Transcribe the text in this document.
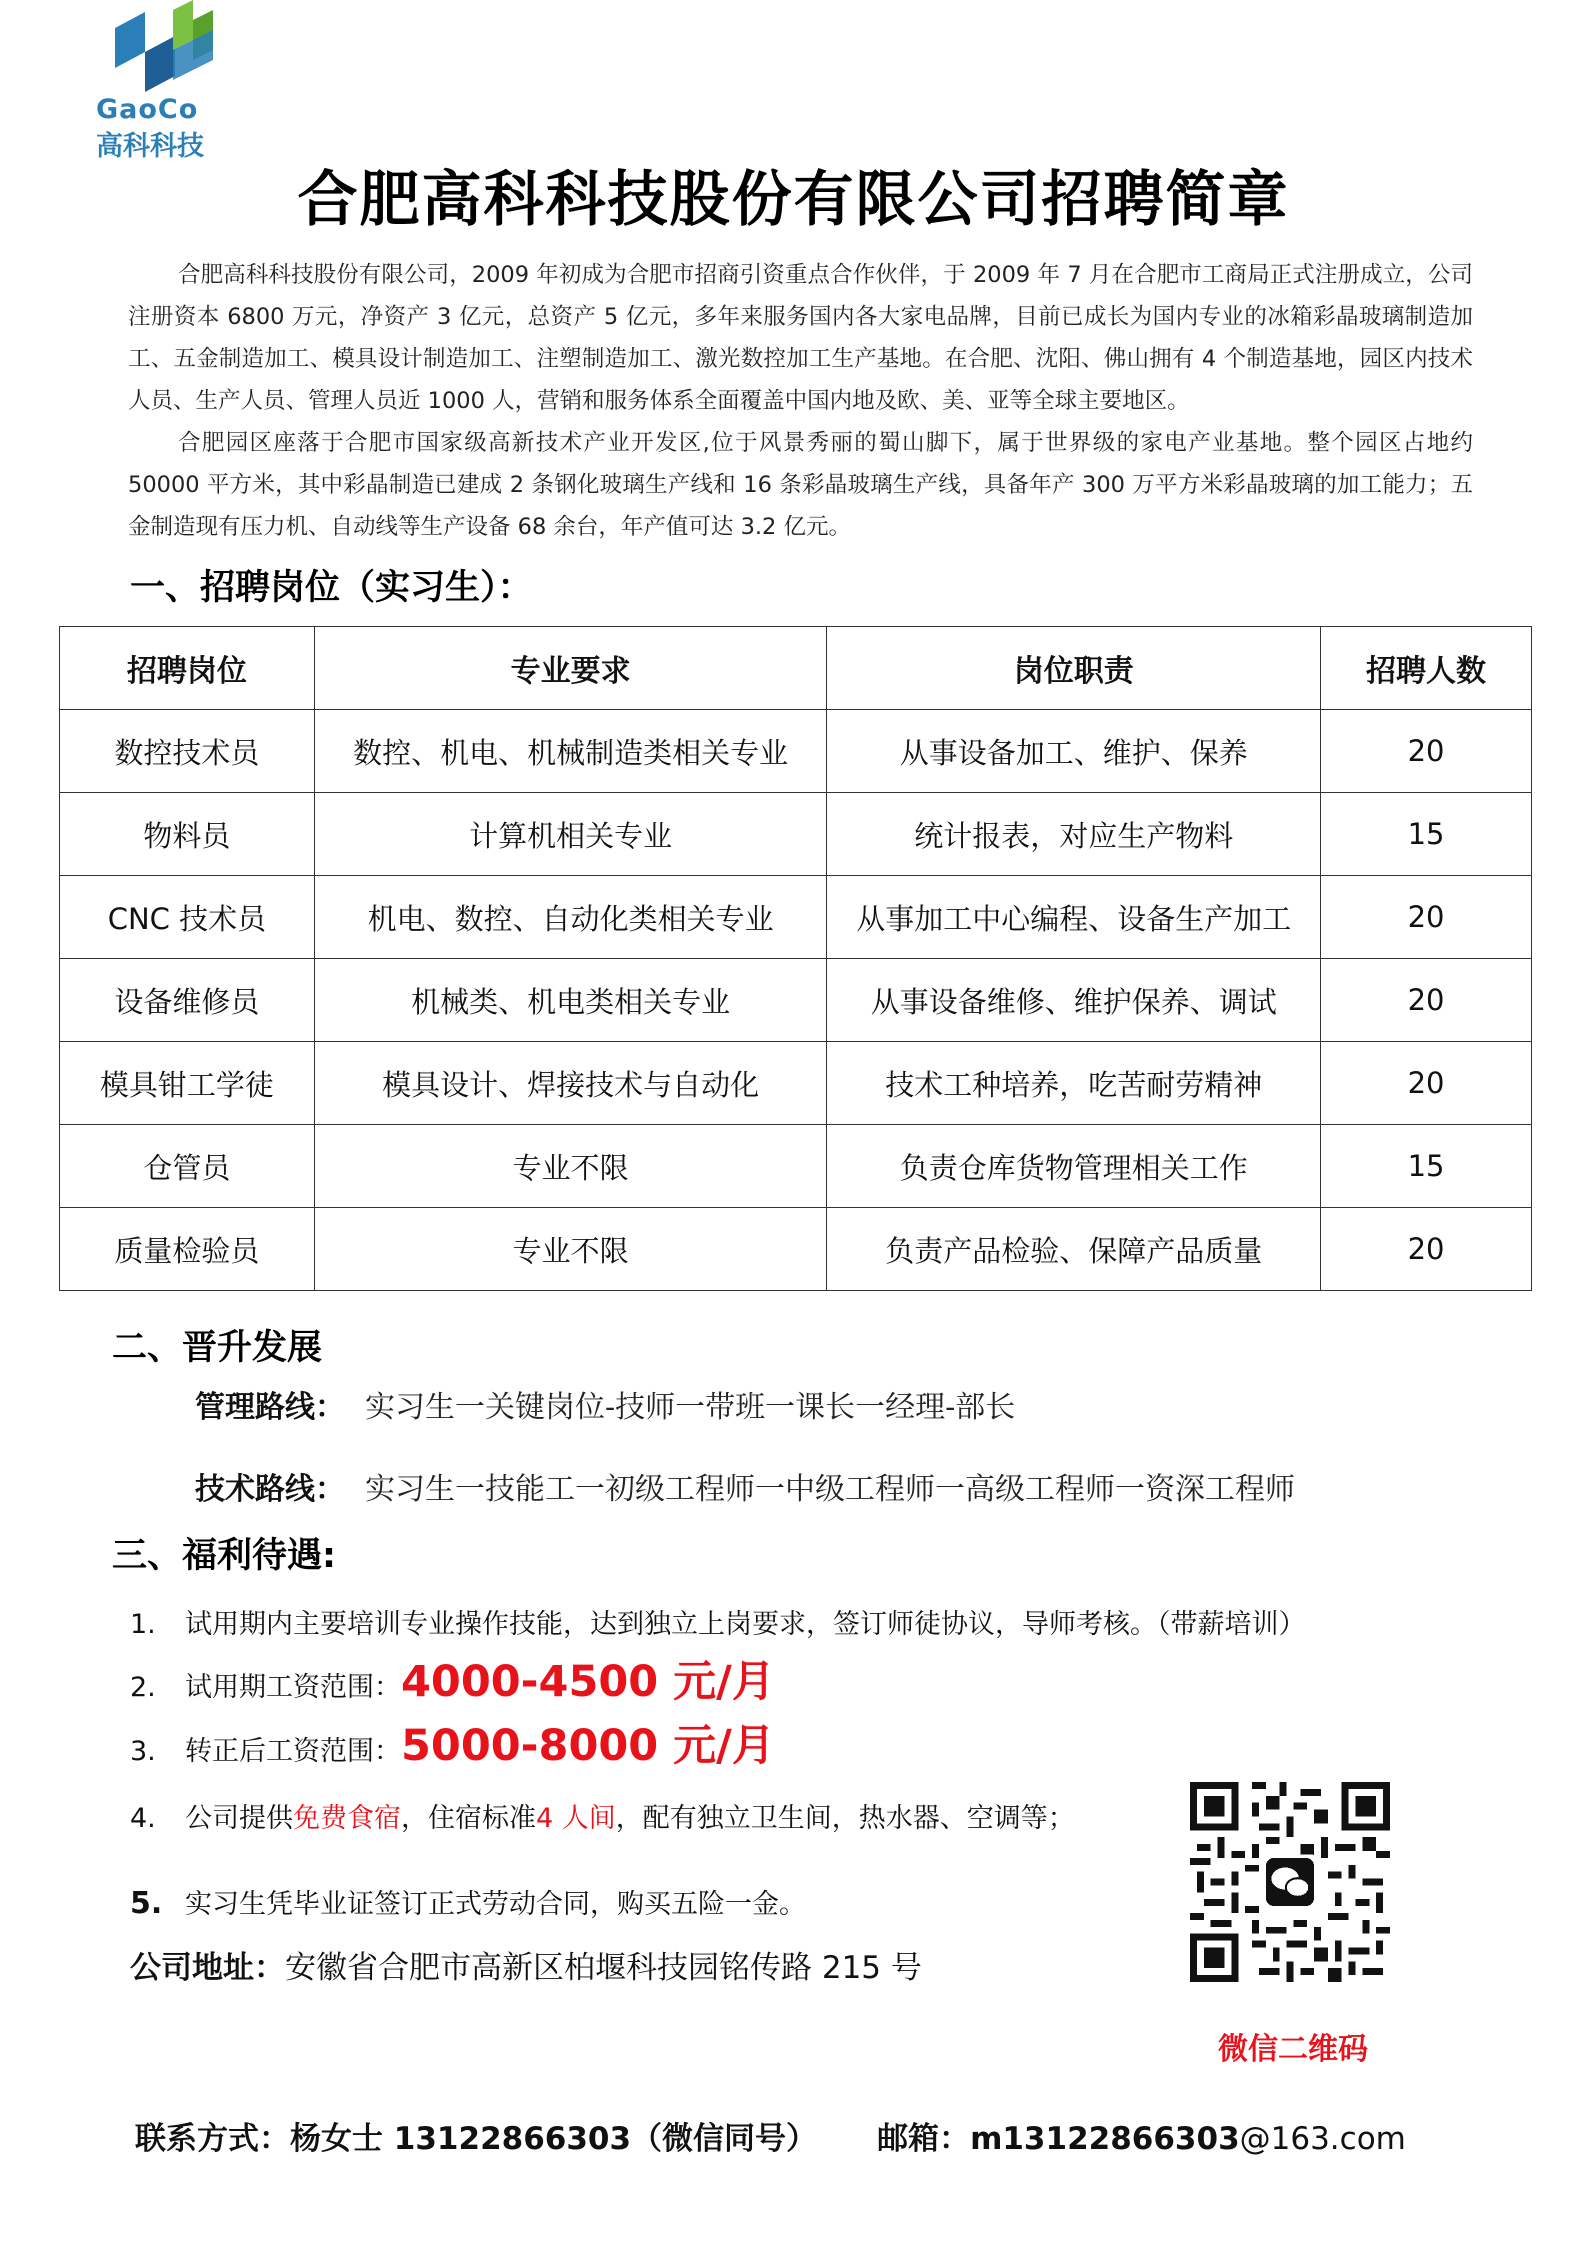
GaoCo
高科科技
合肥高科科技股份有限公司招聘简章

合肥高科科技股份有限公司，2009 年初成为合肥市招商引资重点合作伙伴，于 2009 年 7 月在合肥市工商局正式注册成立，公司注册资本 6800 万元，净资产 3 亿元，总资产 5 亿元，多年来服务国内各大家电品牌，目前已成长为国内专业的冰箱彩晶玻璃制造加工、五金制造加工、模具设计制造加工、注塑制造加工、激光数控加工生产基地。在合肥、沈阳、佛山拥有 4 个制造基地，园区内技术人员、生产人员、管理人员近 1000 人，营销和服务体系全面覆盖中国内地及欧、美、亚等全球主要地区。

合肥园区座落于合肥市国家级高新技术产业开发区,位于风景秀丽的蜀山脚下，属于世界级的家电产业基地。整个园区占地约 50000 平方米，其中彩晶制造已建成 2 条钢化玻璃生产线和 16 条彩晶玻璃生产线，具备年产 300 万平方米彩晶玻璃的加工能力；五金制造现有压力机、自动线等生产设备 68 余台，年产值可达 3.2 亿元。

一、招聘岗位（实习生）：
招聘岗位	专业要求	岗位职责	招聘人数
数控技术员	数控、机电、机械制造类相关专业	从事设备加工、维护、保养	20
物料员	计算机相关专业	统计报表，对应生产物料	15
CNC 技术员	机电、数控、自动化类相关专业	从事加工中心编程、设备生产加工	20
设备维修员	机械类、机电类相关专业	从事设备维修、维护保养、调试	20
模具钳工学徒	模具设计、焊接技术与自动化	技术工种培养，吃苦耐劳精神	20
仓管员	专业不限	负责仓库货物管理相关工作	15
质量检验员	专业不限	负责产品检验、保障产品质量	20
二、晋升发展
管理路线： 实习生一关键岗位-技师一带班一课长一经理-部长
技术路线： 实习生一技能工一初级工程师一中级工程师一高级工程师一资深工程师
三、福利待遇:
1. 试用期内主要培训专业操作技能，达到独立上岗要求，签订师徒协议，导师考核。（带薪培训）
2. 试用期工资范围：4000-4500 元/月
3. 转正后工资范围：5000-8000 元/月
4. 公司提供免费食宿，住宿标准4 人间，配有独立卫生间，热水器、空调等；
5. 实习生凭毕业证签订正式劳动合同，购买五险一金。
公司地址：安徽省合肥市高新区柏堰科技园铭传路 215 号
微信二维码
联系方式：杨女士 13122866303（微信同号） 邮箱：m13122866303@163.com
